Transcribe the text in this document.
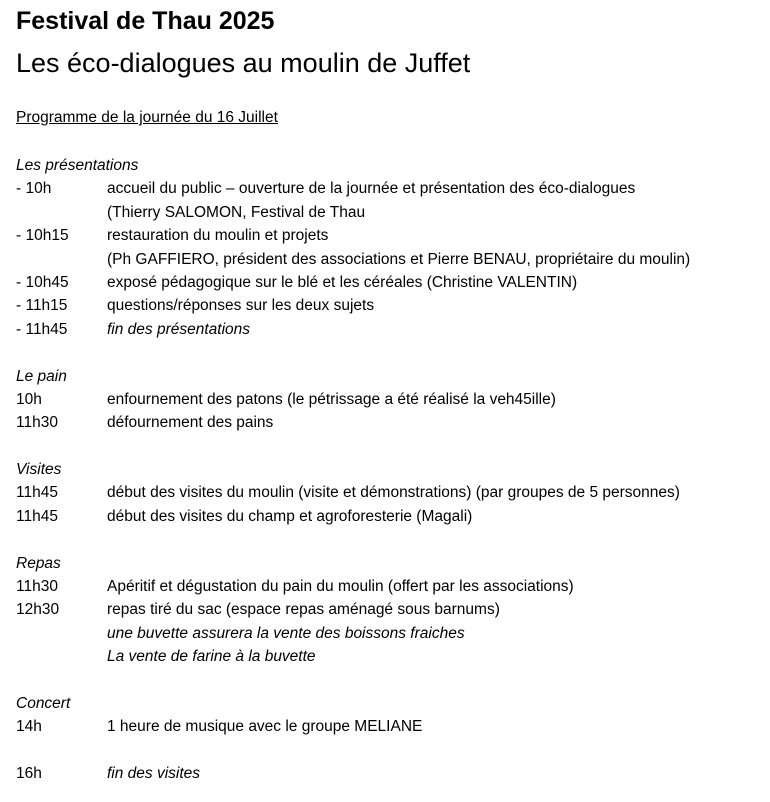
Festival de Thau 2025
Les éco-dialogues au moulin de Juffet
Programme de la journée du 16 Juillet
Les présentations
- 10h	accueil du public – ouverture de la journée et présentation des éco-dialogues
(Thierry SALOMON, Festival de Thau
- 10h15	restauration du moulin et projets
(Ph GAFFIERO, président des associations et Pierre BENAU, propriétaire du moulin)
- 10h45	exposé pédagogique sur le blé et les céréales (Christine VALENTIN)
- 11h15	questions/réponses sur les deux sujets
- 11h45	fin des présentations
Le pain
10h	enfournement des patons (le pétrissage a été réalisé la veh45ille)
11h30	défournement des pains
Visites
11h45	début des visites du moulin (visite et démonstrations) (par groupes de 5 personnes)
11h45	début des visites du champ et agroforesterie (Magali)
Repas
11h30	Apéritif et dégustation du pain du moulin (offert par les associations)
12h30	repas tiré du sac (espace repas aménagé sous barnums)
une buvette assurera la vente des boissons fraiches
La vente de farine à la buvette
Concert
14h	1 heure de musique avec le groupe MELIANE
16h	fin des visites
